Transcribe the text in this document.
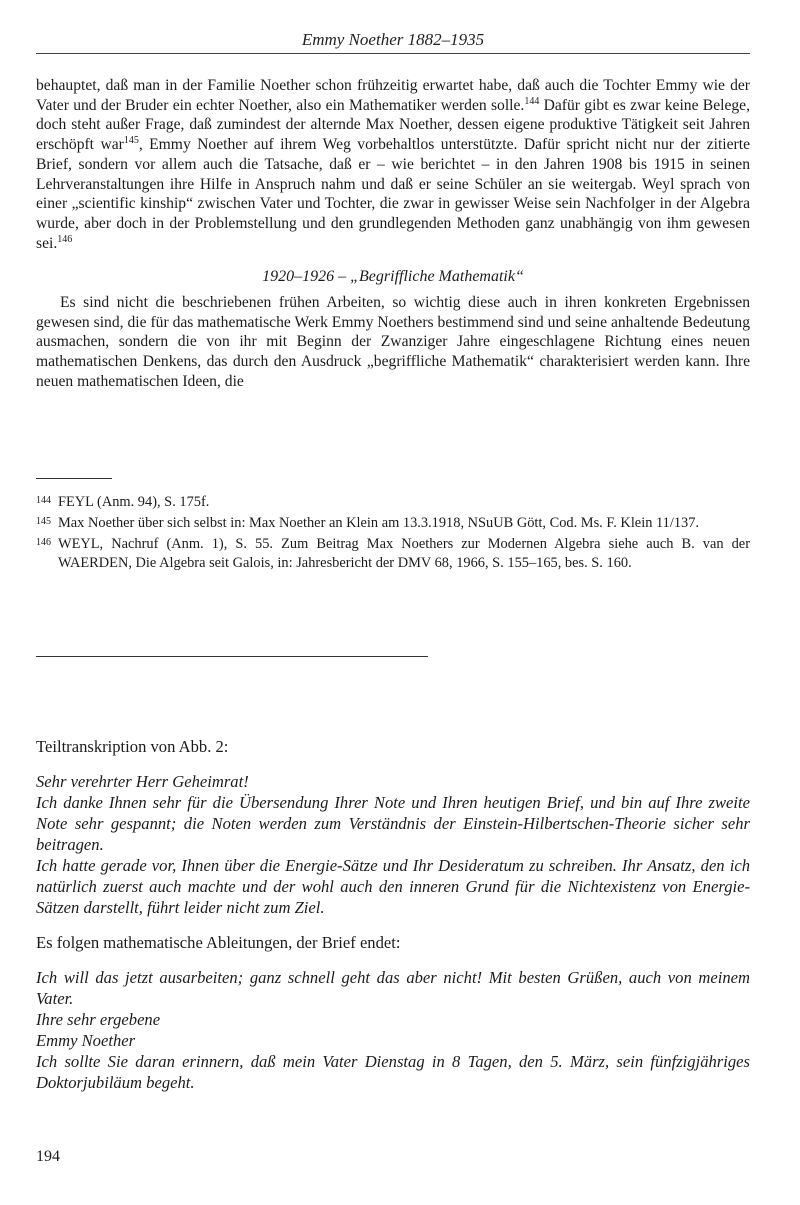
Emmy Noether 1882–1935

behauptet, daß man in der Familie Noether schon frühzeitig erwartet habe, daß auch die Tochter Emmy wie der Vater und der Bruder ein echter Noether, also ein Mathematiker werden solle.$^{144}$ Dafür gibt es zwar keine Belege, doch steht außer Frage, daß zumindest der alternde Max Noether, dessen eigene produktive Tätigkeit seit Jahren erschöpft war$^{145}$, Emmy Noether auf ihrem Weg vorbehaltlos unterstützte. Dafür spricht nicht nur der zitierte Brief, sondern vor allem auch die Tatsache, daß er – wie berichtet – in den Jahren 1908 bis 1915 in seinen Lehrveranstaltungen ihre Hilfe in Anspruch nahm und daß er seine Schüler an sie weitergab. Weyl sprach von einer „scientific kinship“ zwischen Vater und Tochter, die zwar in gewisser Weise sein Nachfolger in der Algebra wurde, aber doch in der Problemstellung und den grundlegenden Methoden ganz unabhängig von ihm gewesen sei.$^{146}$

1920–1926 – „Begriffliche Mathematik“

Es sind nicht die beschriebenen frühen Arbeiten, so wichtig diese auch in ihren konkreten Ergebnissen gewesen sind, die für das mathematische Werk Emmy Noethers bestimmend sind und seine anhaltende Bedeutung ausmachen, sondern die von ihr mit Beginn der Zwanziger Jahre eingeschlagene Richtung eines neuen mathematischen Denkens, das durch den Ausdruck „begriffliche Mathematik“ charakterisiert werden kann. Ihre neuen mathematischen Ideen, die

144 FEYL (Anm. 94), S. 175f.
145 Max Noether über sich selbst in: Max Noether an Klein am 13.3.1918, NSuUB Gött, Cod. Ms. F. Klein 11/137.
146 WEYL, Nachruf (Anm. 1), S. 55. Zum Beitrag Max Noethers zur Modernen Algebra siehe auch B. van der WAERDEN, Die Algebra seit Galois, in: Jahresbericht der DMV 68, 1966, S. 155–165, bes. S. 160.

Teiltranskription von Abb. 2:

Sehr verehrter Herr Geheimrat!

Ich danke Ihnen sehr für die Übersendung Ihrer Note und Ihren heutigen Brief, und bin auf Ihre zweite Note sehr gespannt; die Noten werden zum Verständnis der Einstein-Hilbertschen-Theorie sicher sehr beitragen.

Ich hatte gerade vor, Ihnen über die Energie-Sätze und Ihr Desideratum zu schreiben. Ihr Ansatz, den ich natürlich zuerst auch machte und der wohl auch den inneren Grund für die Nichtexistenz von Energie-Sätzen darstellt, führt leider nicht zum Ziel.

Es folgen mathematische Ableitungen, der Brief endet:

Ich will das jetzt ausarbeiten; ganz schnell geht das aber nicht! Mit besten Grüßen, auch von meinem Vater.

Ihre sehr ergebene

Emmy Noether

Ich sollte Sie daran erinnern, daß mein Vater Dienstag in 8 Tagen, den 5. März, sein fünfzigjähriges Doktorjubiläum begeht.

194
